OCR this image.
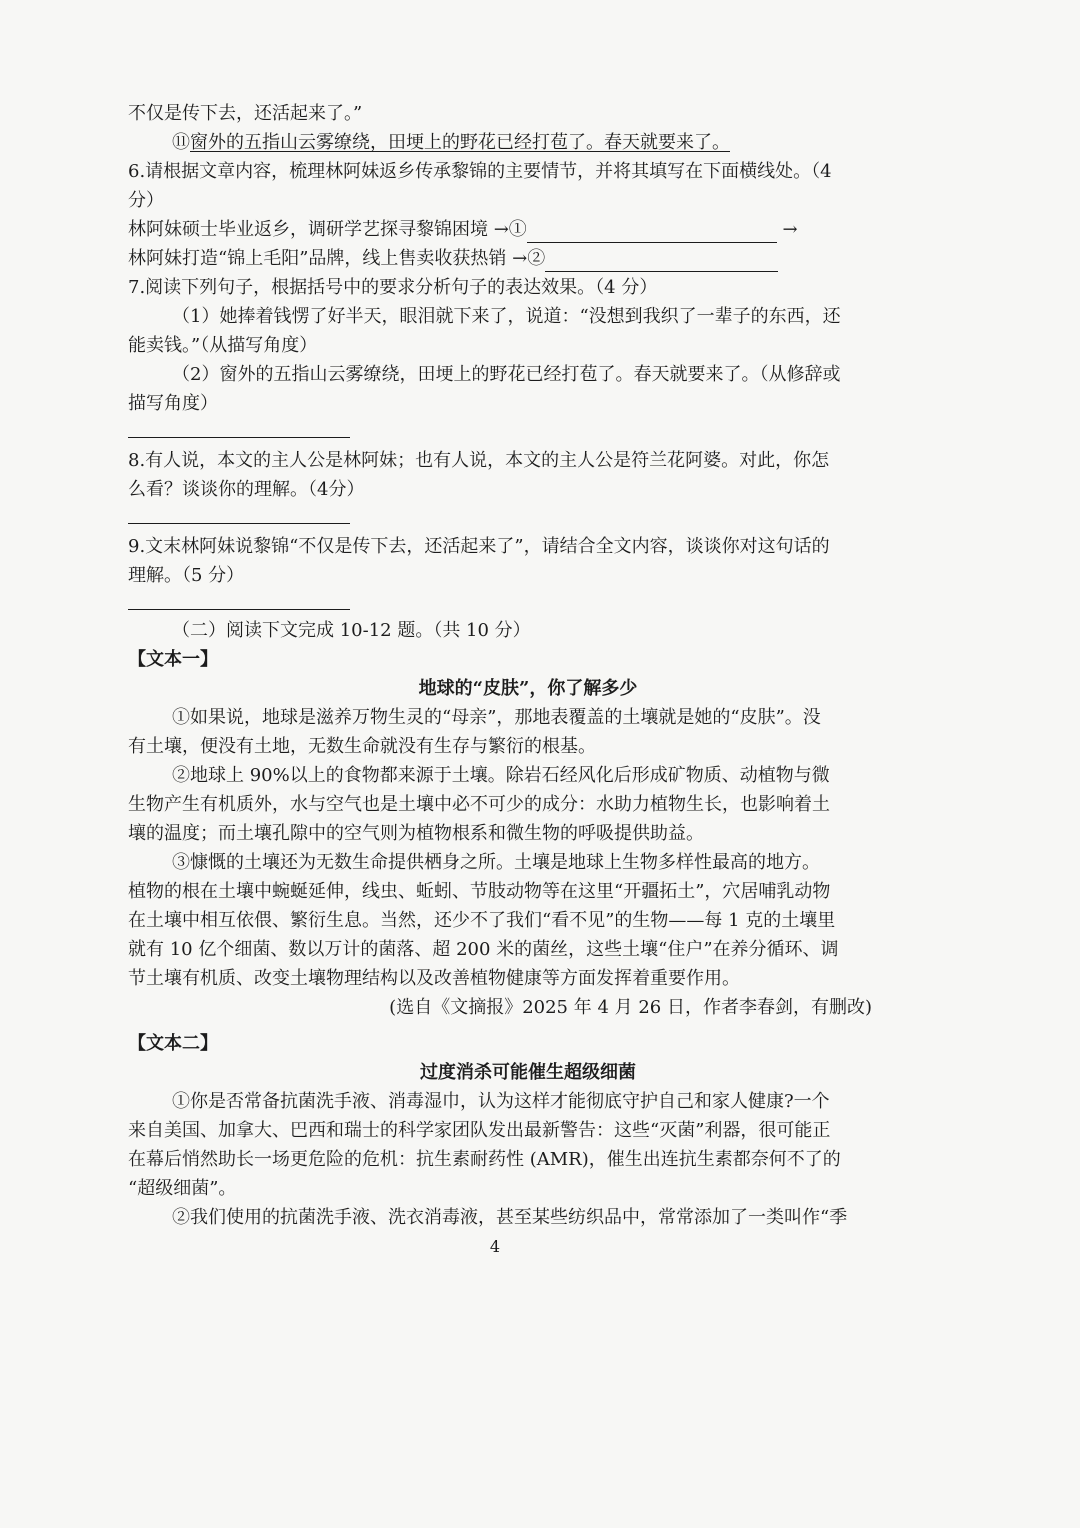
不仅是传下去，还活起来了。”
⑪窗外的五指山云雾缭绕，田埂上的野花已经打苞了。春天就要来了。
6.请根据文章内容，梳理林阿妹返乡传承黎锦的主要情节，并将其填写在下面横线处。（4
分）
林阿妹硕士毕业返乡，调研学艺探寻黎锦困境 →①	→
林阿妹打造“锦上毛阳”品牌，线上售卖收获热销 →②
7.阅读下列句子，根据括号中的要求分析句子的表达效果。（4 分）
（1）她捧着钱愣了好半天，眼泪就下来了，说道：“没想到我织了一辈子的东西，还
能卖钱。”（从描写角度）
（2）窗外的五指山云雾缭绕，田埂上的野花已经打苞了。春天就要来了。（从修辞或
描写角度）
8.有人说，本文的主人公是林阿妹；也有人说，本文的主人公是符兰花阿婆。对此，你怎
么看？谈谈你的理解。（4分）
9.文末林阿妹说黎锦“不仅是传下去，还活起来了”，请结合全文内容，谈谈你对这句话的
理解。（5 分）
（二）阅读下文完成 10-12 题。（共 10 分）
【文本一】
地球的“皮肤”，你了解多少
①如果说，地球是滋养万物生灵的“母亲”，那地表覆盖的土壤就是她的“皮肤”。没
有土壤，便没有土地，无数生命就没有生存与繁衍的根基。
②地球上 90%以上的食物都来源于土壤。除岩石经风化后形成矿物质、动植物与微
生物产生有机质外，水与空气也是土壤中必不可少的成分：水助力植物生长，也影响着土
壤的温度；而土壤孔隙中的空气则为植物根系和微生物的呼吸提供助益。
③慷慨的土壤还为无数生命提供栖身之所。土壤是地球上生物多样性最高的地方。
植物的根在土壤中蜿蜒延伸，线虫、蚯蚓、节肢动物等在这里“开疆拓土”，穴居哺乳动物
在土壤中相互依偎、繁衍生息。当然，还少不了我们“看不见”的生物——每 1 克的土壤里
就有 10 亿个细菌、数以万计的菌落、超 200 米的菌丝，这些土壤“住户”在养分循环、调
节土壤有机质、改变土壤物理结构以及改善植物健康等方面发挥着重要作用。
(选自《文摘报》2025 年 4 月 26 日，作者李春剑，有删改)
【文本二】
过度消杀可能催生超级细菌
①你是否常备抗菌洗手液、消毒湿巾，认为这样才能彻底守护自己和家人健康?一个
来自美国、加拿大、巴西和瑞士的科学家团队发出最新警告：这些“灭菌”利器，很可能正
在幕后悄然助长一场更危险的危机：抗生素耐药性 (AMR)，催生出连抗生素都奈何不了的
“超级细菌”。
②我们使用的抗菌洗手液、洗衣消毒液，甚至某些纺织品中，常常添加了一类叫作“季
4
